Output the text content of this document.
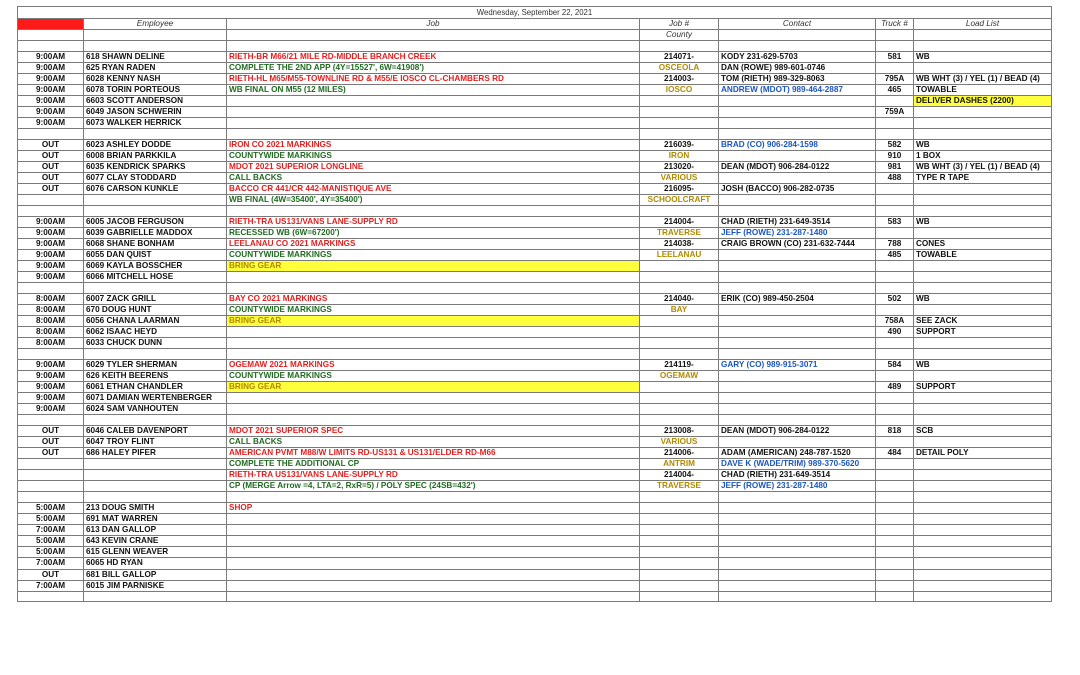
Wednesday, September 22, 2021						
Time	Employee	Job	Job #	Contact	Truck #	Load List
			County			

9:00AM	618 SHAWN DELINE	RIETH-BR M66/21 MILE RD-MIDDLE BRANCH CREEK	214071-	KODY 231-629-5703	581	WB
9:00AM	625 RYAN RADEN	COMPLETE THE 2ND APP (4Y=15527', 6W=41908')	OSCEOLA	DAN (ROWE) 989-601-0746		
9:00AM	6028 KENNY NASH	RIETH-HL M65/M55-TOWNLINE RD & M55/E IOSCO CL-CHAMBERS RD	214003-	TOM (RIETH) 989-329-8063	795A	WB WHT (3) / YEL (1) / BEAD (4)
9:00AM	6078 TORIN PORTEOUS	WB FINAL ON M55 (12 MILES)	IOSCO	ANDREW (MDOT) 989-464-2887	465	TOWABLE
9:00AM	6603 SCOTT ANDERSON					DELIVER DASHES (2200)
9:00AM	6049 JASON SCHWERIN				759A	
9:00AM	6073 WALKER HERRICK					

OUT	6023 ASHLEY DODDE	IRON CO 2021 MARKINGS	216039-	BRAD (CO) 906-284-1598	582	WB
OUT	6008 BRIAN PARKKILA	COUNTYWIDE MARKINGS	IRON		910	1 BOX
OUT	6035 KENDRICK SPARKS	MDOT 2021 SUPERIOR LONGLINE	213020-	DEAN (MDOT) 906-284-0122	981	WB WHT (3) / YEL (1) / BEAD (4)
OUT	6077 CLAY STODDARD	CALL BACKS	VARIOUS		488	TYPE R TAPE
OUT	6076 CARSON KUNKLE	BACCO CR 441/CR 442-MANISTIQUE AVE	216095-	JOSH (BACCO) 906-282-0735		
		WB FINAL (4W=35400', 4Y=35400')	SCHOOLCRAFT			

9:00AM	6005 JACOB FERGUSON	RIETH-TRA US131/VANS LANE-SUPPLY RD	214004-	CHAD (RIETH) 231-649-3514	583	WB
9:00AM	6039 GABRIELLE MADDOX	RECESSED WB (6W=67200')	TRAVERSE	JEFF (ROWE) 231-287-1480		
9:00AM	6068 SHANE BONHAM	LEELANAU CO 2021 MARKINGS	214038-	CRAIG BROWN (CO) 231-632-7444	788	CONES
9:00AM	6055 DAN QUIST	COUNTYWIDE MARKINGS	LEELANAU		485	TOWABLE
9:00AM	6069 KAYLA BOSSCHER	BRING GEAR				
9:00AM	6066 MITCHELL HOSE					

8:00AM	6007 ZACK GRILL	BAY CO 2021 MARKINGS	214040-	ERIK (CO) 989-450-2504	502	WB
8:00AM	670 DOUG HUNT	COUNTYWIDE MARKINGS	BAY			
8:00AM	6056 CHANA LAARMAN	BRING GEAR			758A	SEE ZACK
8:00AM	6062 ISAAC HEYD				490	SUPPORT
8:00AM	6033 CHUCK DUNN					

9:00AM	6029 TYLER SHERMAN	OGEMAW 2021 MARKINGS	214119-	GARY (CO) 989-915-3071	584	WB
9:00AM	626 KEITH BEERENS	COUNTYWIDE MARKINGS	OGEMAW			
9:00AM	6061 ETHAN CHANDLER	BRING GEAR			489	SUPPORT
9:00AM	6071 DAMIAN WERTENBERGER					
9:00AM	6024 SAM VANHOUTEN					

OUT	6046 CALEB DAVENPORT	MDOT 2021 SUPERIOR SPEC	213008-	DEAN (MDOT) 906-284-0122	818	SCB
OUT	6047 TROY FLINT	CALL BACKS	VARIOUS			
OUT	686 HALEY PIFER	AMERICAN PVMT M88/W LIMITS RD-US131 & US131/ELDER RD-M66	214006-	ADAM (AMERICAN) 248-787-1520	484	DETAIL POLY
		COMPLETE THE ADDITIONAL CP	ANTRIM	DAVE K (WADE/TRIM) 989-370-5620		
		RIETH-TRA US131/VANS LANE-SUPPLY RD	214004-	CHAD (RIETH) 231-649-3514		
		CP (MERGE Arrow =4, LTA=2, RxR=5) / POLY SPEC (24SB=432')	TRAVERSE	JEFF (ROWE) 231-287-1480		

5:00AM	213 DOUG SMITH	SHOP				
5:00AM	691 MAT WARREN					
7:00AM	613 DAN GALLOP					
5:00AM	643 KEVIN CRANE					
5:00AM	615 GLENN WEAVER					
7:00AM	6065 HD RYAN					
OUT	681 BILL GALLOP					
7:00AM	6015 JIM PARNISKE					
